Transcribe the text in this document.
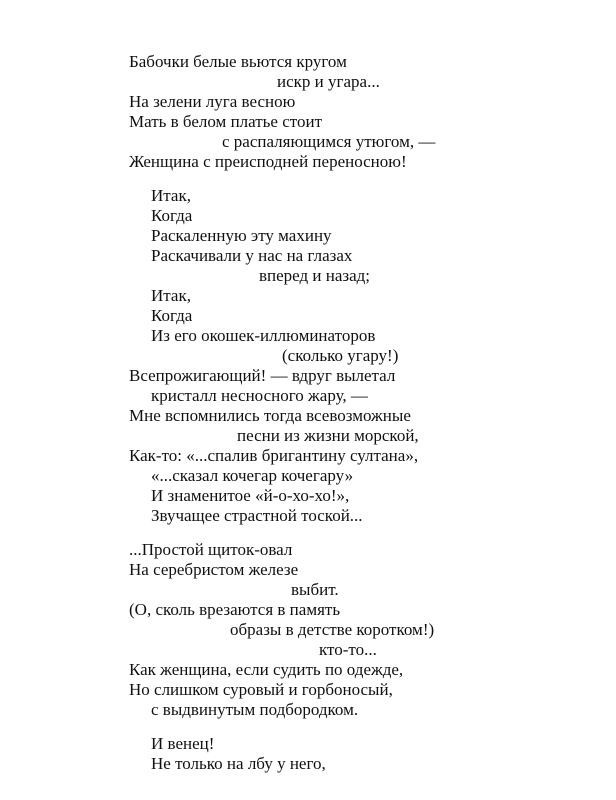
Бабочки белые вьются кругом

искр и угара...

На зелени луга весною

Мать в белом платье стоит

с распаляющимся утюгом, —

Женщина с преисподней переносною!

Итак,

Когда

Раскаленную эту махину

Раскачивали у нас на глазах

вперед и назад;

Итак,

Когда

Из его окошек-иллюминаторов

(сколько угару!)

Всепрожигающий! — вдруг вылетал

кристалл несносного жару, —

Мне вспомнились тогда всевозможные

песни из жизни морской,

Как-то: «...спалив бригантину султана»,

«...сказал кочегар кочегару»

И знаменитое «й-о-хо-хо!»,

Звучащее страстной тоской...

...Простой щиток-овал

На серебристом железе

выбит.

(О, сколь врезаются в память

образы в детстве коротком!)

кто-то...

Как женщина, если судить по одежде,

Но слишком суровый и горбоносый,

с выдвинутым подбородком.

И венец!

Не только на лбу у него,
